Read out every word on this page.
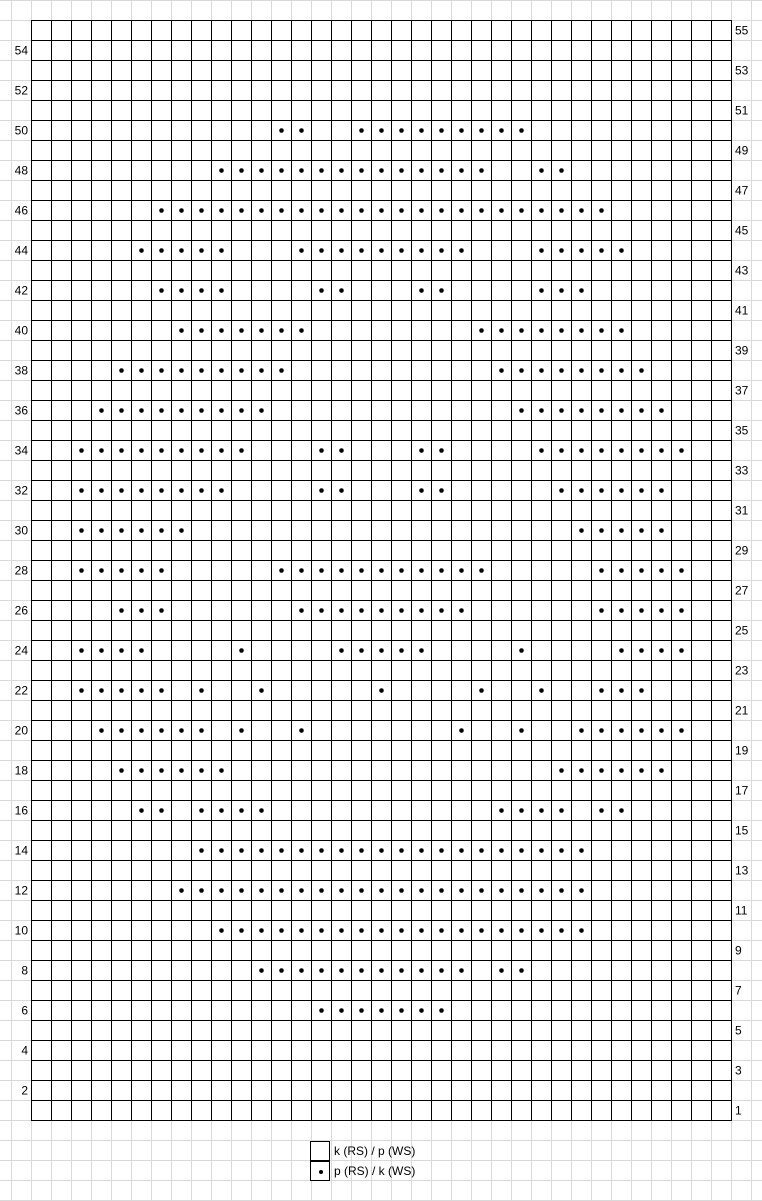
2
4
6
8
10
12
14
16
18
20
22
24
26
28
30
32
34
36
38
40
42
44
46
48
50
52
54
1
3
5
7
9
11
13
15
17
19
21
23
25
27
29
31
33
35
37
39
41
43
45
47
49
51
53
55
k (RS) / p (WS)
p (RS) / k (WS)
